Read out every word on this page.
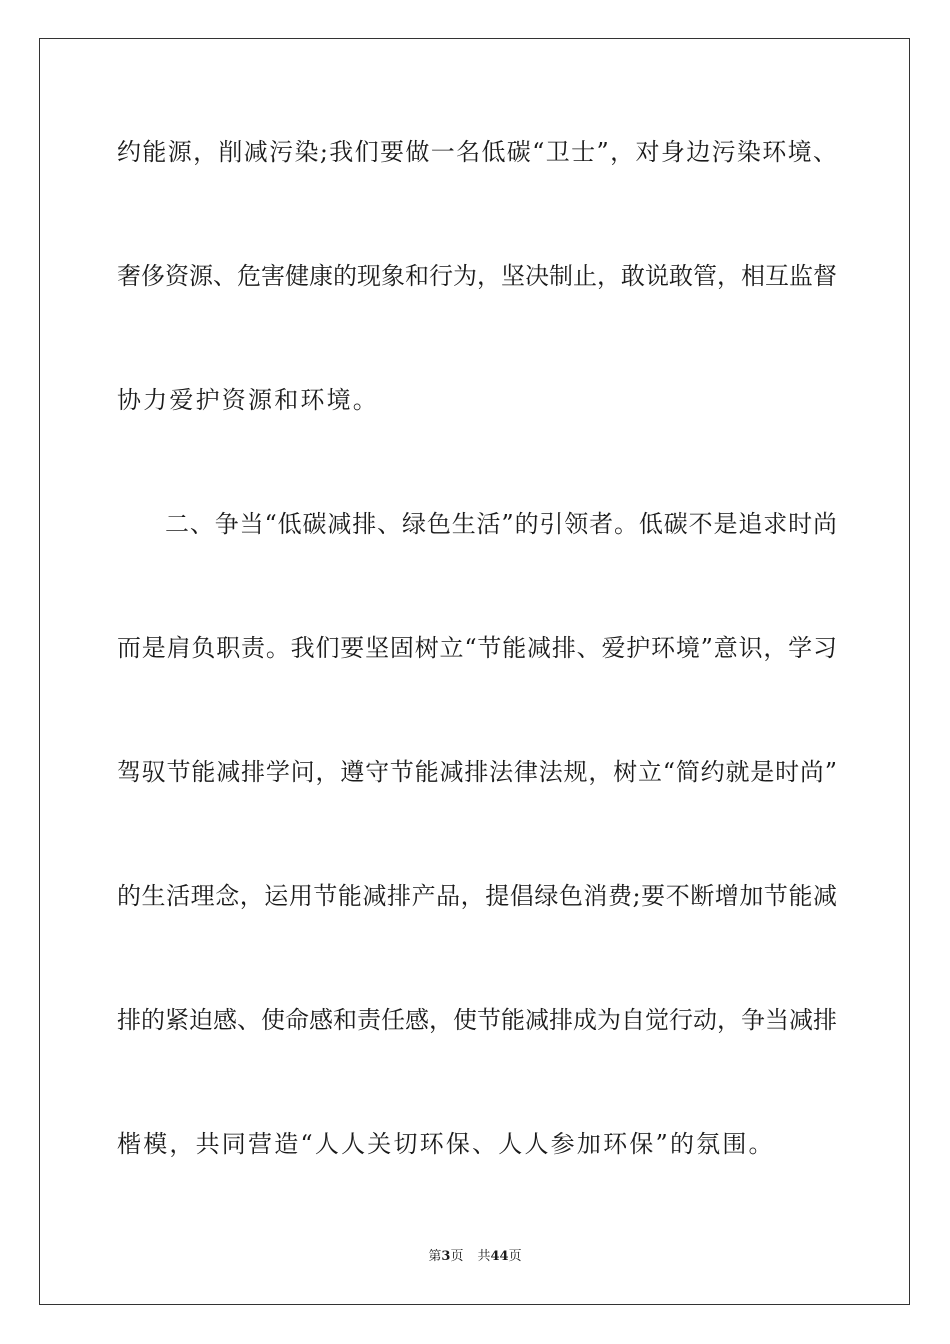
约能源，削减污染;我们要做一名低碳“卫士”，对身边污染环境、
奢侈资源、危害健康的现象和行为，坚决制止，敢说敢管，相互监督
协力爱护资源和环境。
二、争当“低碳减排、绿色生活”的引领者。低碳不是追求时尚
而是肩负职责。我们要坚固树立“节能减排、爱护环境”意识，学习
驾驭节能减排学问，遵守节能减排法律法规，树立“简约就是时尚”
的生活理念，运用节能减排产品，提倡绿色消费;要不断增加节能减
排的紧迫感、使命感和责任感，使节能减排成为自觉行动，争当减排
楷模，共同营造“人人关切环保、人人参加环保”的氛围。
第3页 共44页
